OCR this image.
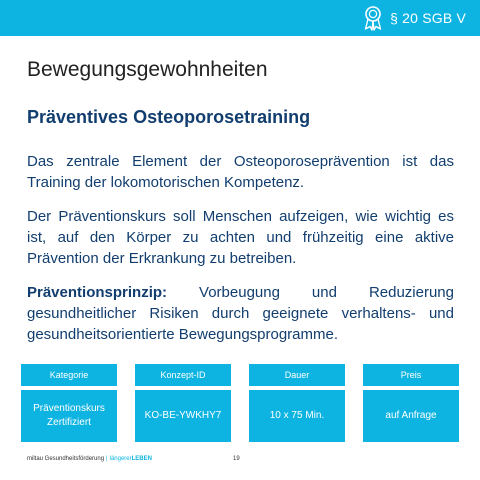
§ 20 SGB V
Bewegungsgewohnheiten
Präventives Osteoporosetraining

Das zentrale Element der Osteoporoseprävention ist das Training der lokomotorischen Kompetenz.

Der Präventionskurs soll Menschen aufzeigen, wie wichtig es ist, auf den Körper zu achten und frühzeitig eine aktive Prävention der Erkrankung zu betreiben.

Präventionsprinzip: Vorbeugung und Reduzierung gesundheitlicher Risiken durch geeignete verhaltens- und gesundheitsorientierte Bewegungsprogramme.

Kategorie
Präventionskurs Zertifiziert
Konzept-ID
KO-BE-YWKHY7
Dauer
10 x 75 Min.
Preis
auf Anfrage
miltau Gesundheitsförderung | längerer LEBEN	19
